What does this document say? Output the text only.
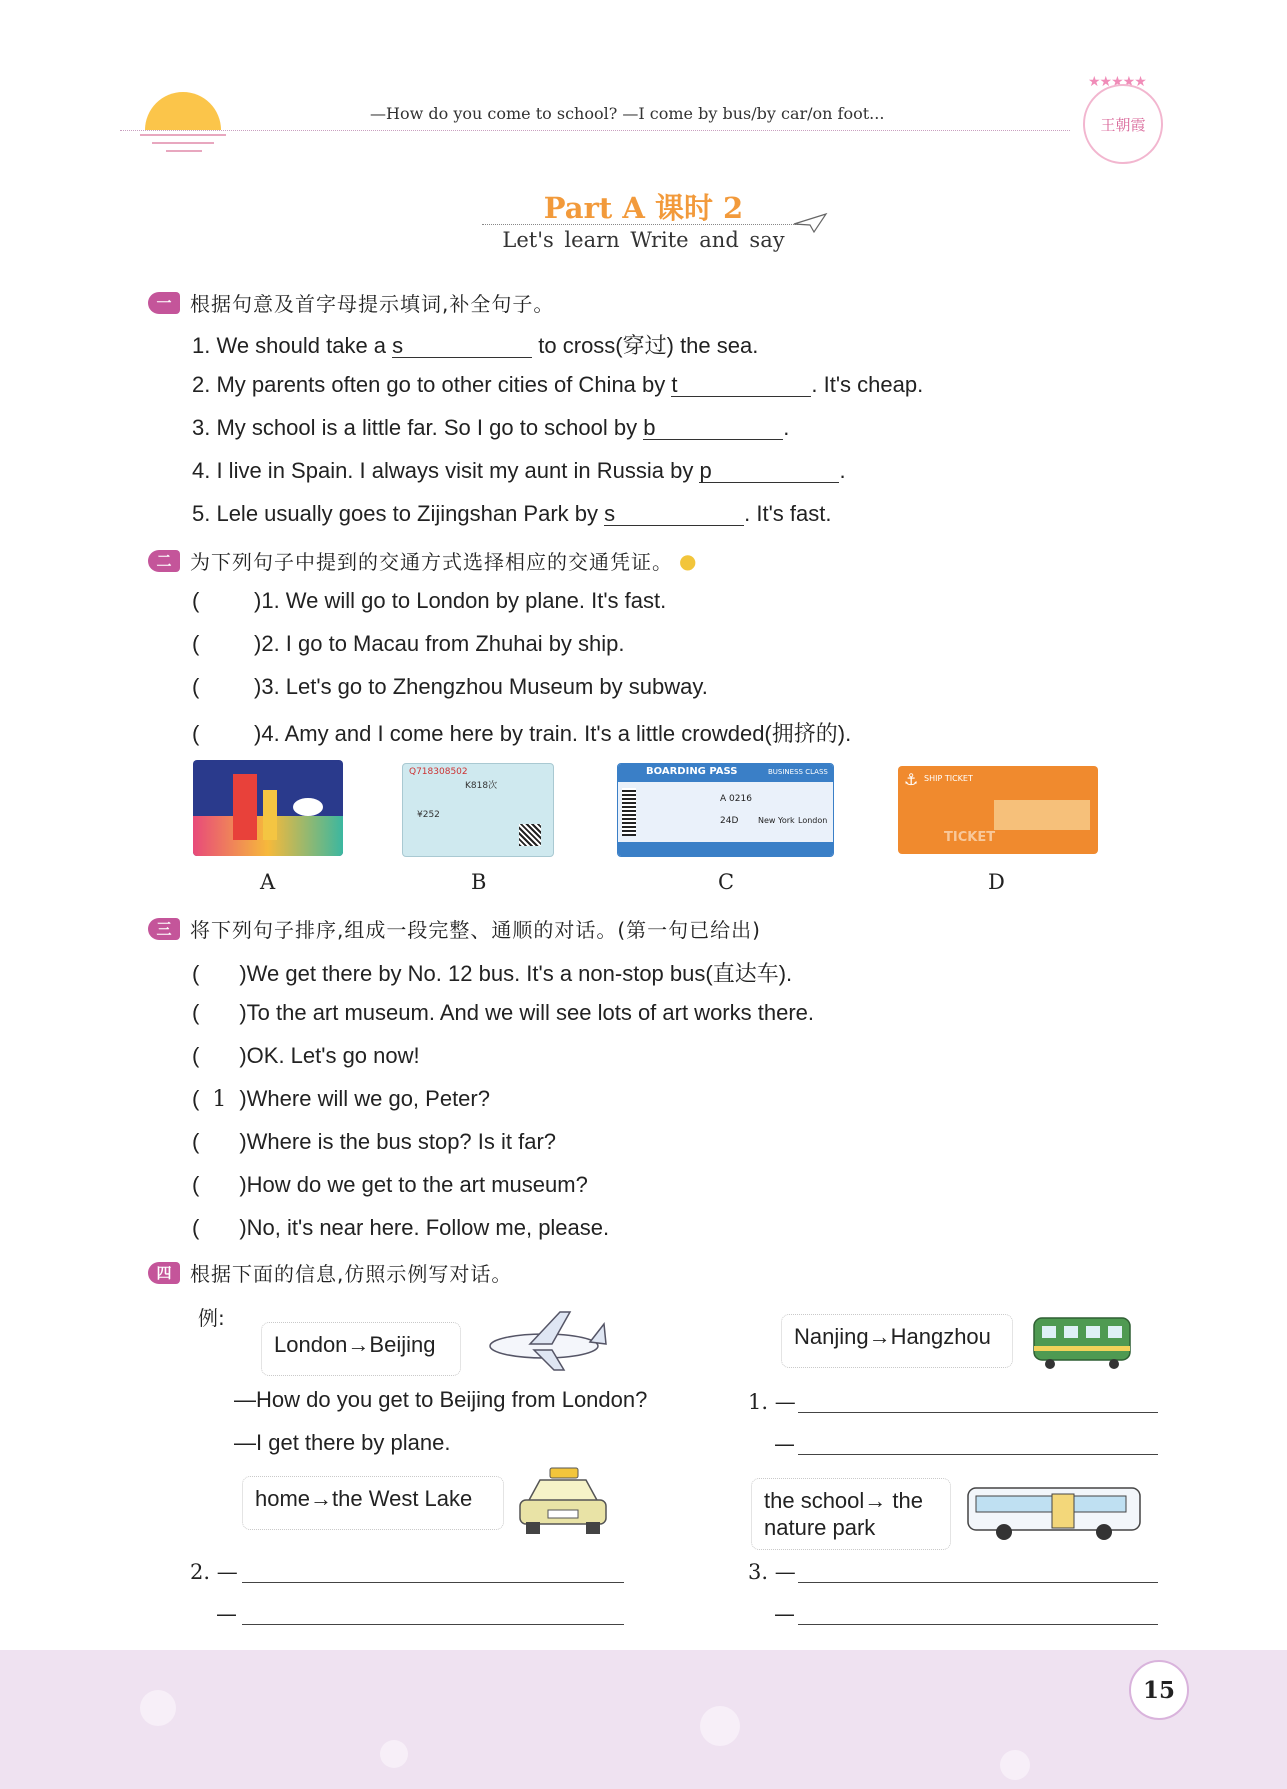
—How do you come to school? —I come by bus/by car/on foot...
★★★★★
王朝霞
Part A 课时 2
Let's learn Write and say
一 根据句意及首字母提示填词,补全句子。
1. We should take a s	to cross(穿过) the sea.
2. My parents often go to other cities of China by t	. It's cheap.
3. My school is a little far. So I go to school by b	.
4. I live in Spain. I always visit my aunt in Russia by p	.
5. Lele usually goes to Zijingshan Park by s	. It's fast.
二 为下列句子中提到的交通方式选择相应的交通凭证。 ●
( )1. We will go to London by plane. It's fast.
( )2. I go to Macau from Zhuhai by ship.
( )3. Let's go to Zhengzhou Museum by subway.
( )4. Amy and I come here by train. It's a little crowded(拥挤的).
Q718308502
K818次
¥252
BOARDING PASS	BUSINESS CLASS
A 0216
24D New York London
⚓ SHIP TICKET
TICKET
A	B	C	D
三 将下列句子排序,组成一段完整、通顺的对话。(第一句已给出)
( )We get there by No. 12 bus. It's a non-stop bus(直达车).
( )To the art museum. And we will see lots of art works there.
( )OK. Let's go now!
( 1 )Where will we go, Peter?
( )Where is the bus stop? Is it far?
( )How do we get to the art museum?
( )No, it's near here. Follow me, please.
四 根据下面的信息,仿照示例写对话。
例:
London→Beijing
—How do you get to Beijing from London?
—I get there by plane.
Nanjing→Hangzhou
1. —
—
home→the West Lake	the school→ the
nature park
2. —
—
3. —
—
15
